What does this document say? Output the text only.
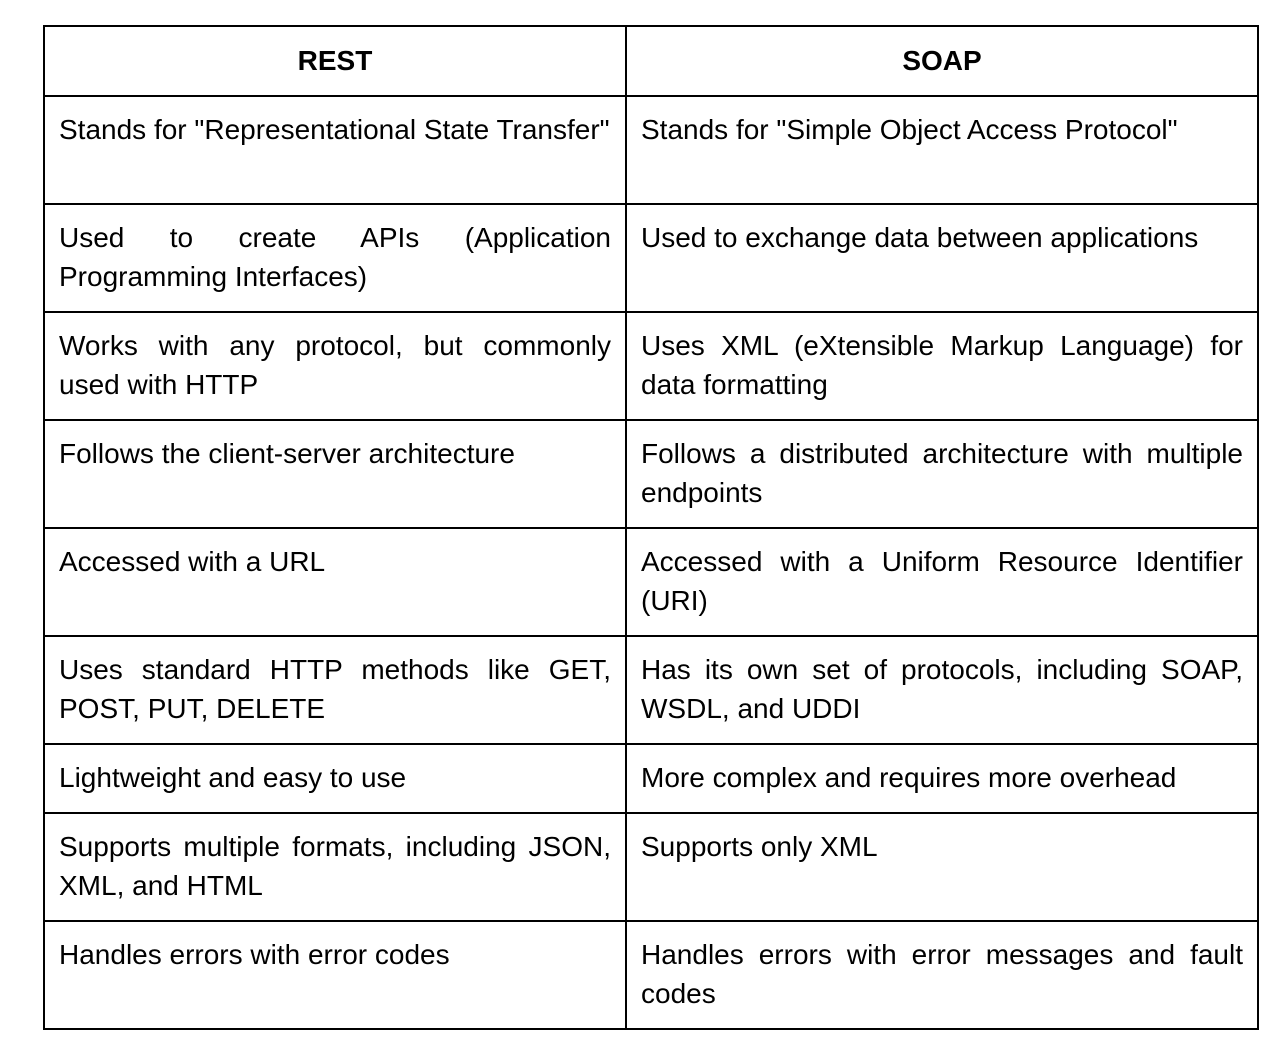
REST	SOAP
Stands for "Representational State Transfer"	Stands for "Simple Object Access Protocol"
Used to create APIs (Application Programming Interfaces)	Used to exchange data between applications
Works with any protocol, but commonly used with HTTP	Uses XML (eXtensible Markup Language) for data formatting
Follows the client-server architecture	Follows a distributed architecture with multiple endpoints
Accessed with a URL	Accessed with a Uniform Resource Identifier (URI)
Uses standard HTTP methods like GET, POST, PUT, DELETE	Has its own set of protocols, including SOAP, WSDL, and UDDI
Lightweight and easy to use	More complex and requires more overhead
Supports multiple formats, including JSON, XML, and HTML	Supports only XML
Handles errors with error codes	Handles errors with error messages and fault codes
